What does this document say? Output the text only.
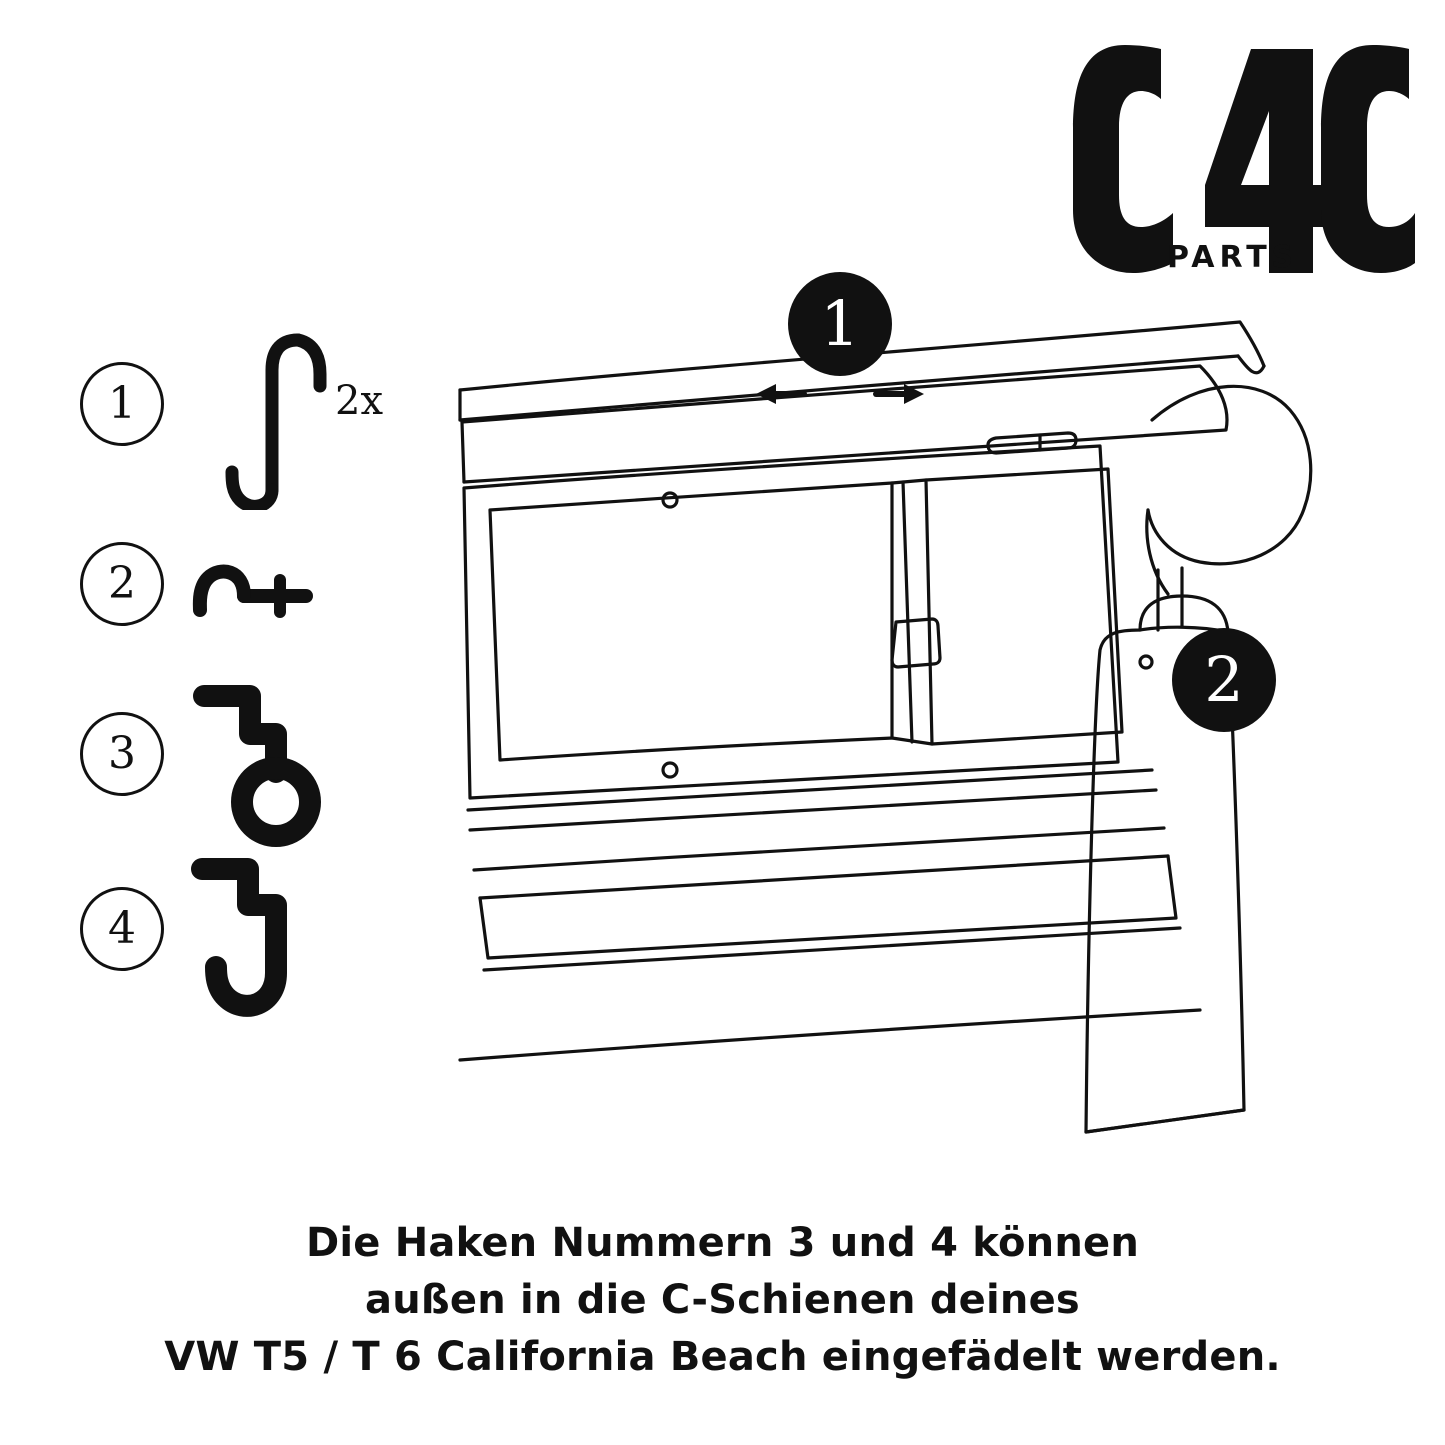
PARTS
1	2x
2
3
4
1
2
Die Haken Nummern 3 und 4 können
außen in die C-Schienen deines
VW T5 / T 6 California Beach eingefädelt werden.
